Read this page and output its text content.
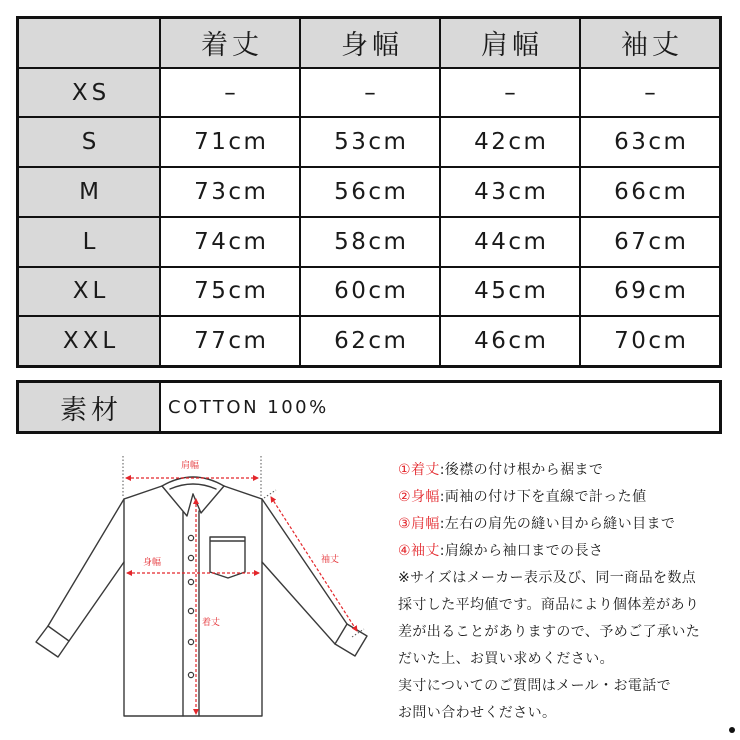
着丈	身幅	肩幅	袖丈
XS	–	–	–	–
S	71cm	53cm	42cm	63cm
M	73cm	56cm	43cm	66cm
L	74cm	58cm	44cm	67cm
XL	75cm	60cm	45cm	69cm
XXL	77cm	62cm	46cm	70cm
素材	COTTON 100%
肩幅
身幅	袖丈
着丈
①着丈:後襟の付け根から裾まで
②身幅:両袖の付け下を直線で計った値
③肩幅:左右の肩先の縫い目から縫い目まで
④袖丈:肩線から袖口までの長さ
※サイズはメーカー表示及び、同一商品を数点
採寸した平均値です。商品により個体差があり
差が出ることがありますので、予めご了承いた
だいた上、お買い求めください。
実寸についてのご質問はメール・お電話で
お問い合わせください。
